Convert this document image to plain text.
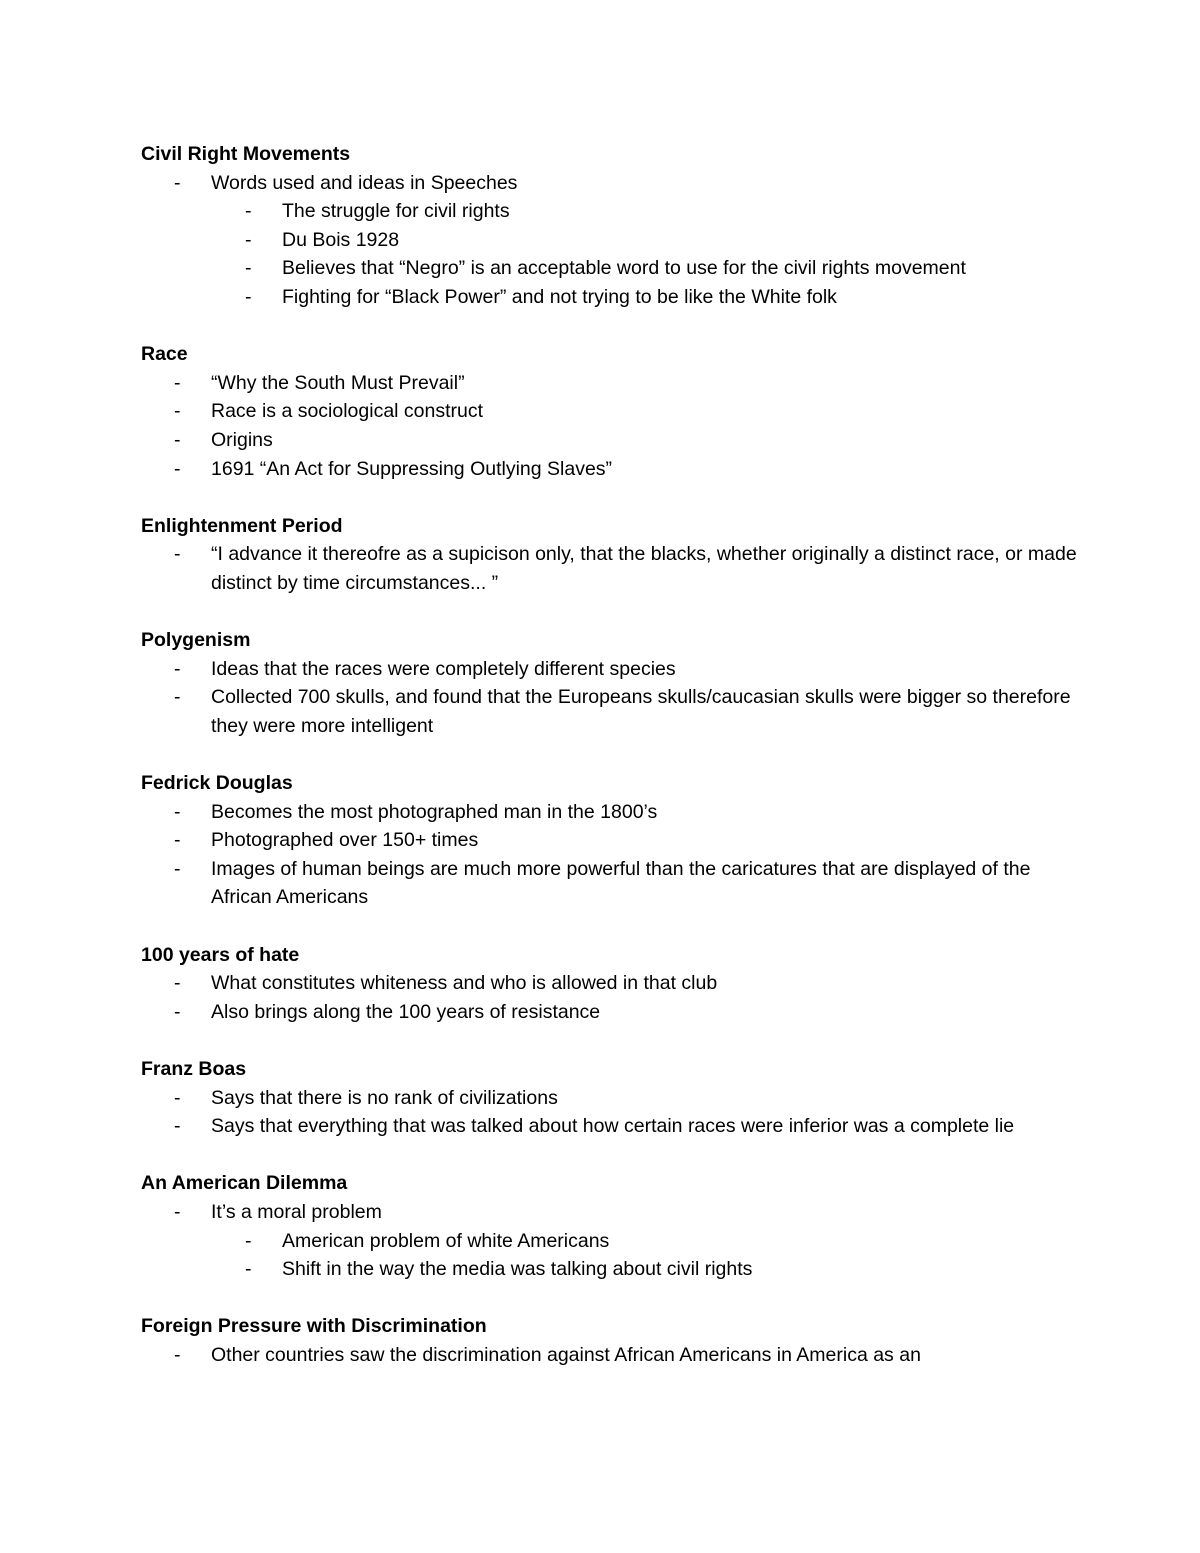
Civil Right Movements
- Words used and ideas in Speeches
- The struggle for civil rights
- Du Bois 1928
- Believes that “Negro” is an acceptable word to use for the civil rights movement
- Fighting for “Black Power” and not trying to be like the White folk
Race
- “Why the South Must Prevail”
- Race is a sociological construct
- Origins
- 1691 “An Act for Suppressing Outlying Slaves”
Enlightenment Period
- “I advance it thereofre as a supicison only, that the blacks, whether originally a distinct race, or made distinct by time circumstances... ”
Polygenism
- Ideas that the races were completely different species
- Collected 700 skulls, and found that the Europeans skulls/caucasian skulls were bigger so therefore they were more intelligent
Fedrick Douglas
- Becomes the most photographed man in the 1800’s
- Photographed over 150+ times
- Images of human beings are much more powerful than the caricatures that are displayed of the African Americans
100 years of hate
- What constitutes whiteness and who is allowed in that club
- Also brings along the 100 years of resistance
Franz Boas
- Says that there is no rank of civilizations
- Says that everything that was talked about how certain races were inferior was a complete lie
An American Dilemma
- It’s a moral problem
- American problem of white Americans
- Shift in the way the media was talking about civil rights
Foreign Pressure with Discrimination
- Other countries saw the discrimination against African Americans in America as an
